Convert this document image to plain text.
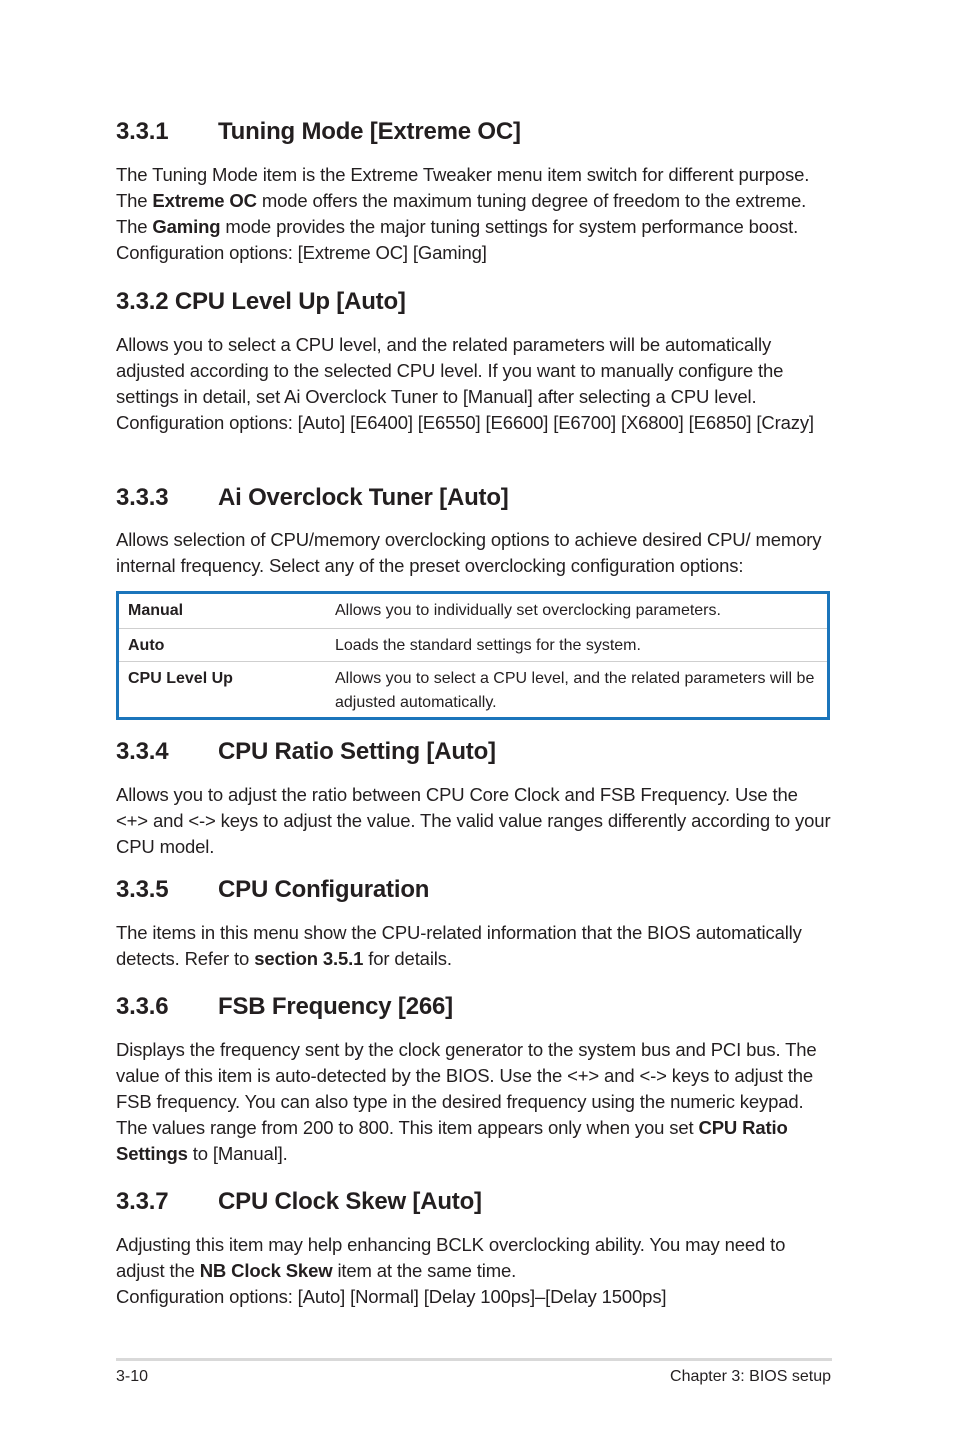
3.3.1 Tuning Mode [Extreme OC]

The Tuning Mode item is the Extreme Tweaker menu item switch for different purpose. The Extreme OC mode offers the maximum tuning degree of freedom to the extreme. The Gaming mode provides the major tuning settings for system performance boost. Configuration options: [Extreme OC] [Gaming]

3.3.2 CPU Level Up [Auto]

Allows you to select a CPU level, and the related parameters will be automatically adjusted according to the selected CPU level. If you want to manually configure the settings in detail, set Ai Overclock Tuner to [Manual] after selecting a CPU level. Configuration options: [Auto] [E6400] [E6550] [E6600] [E6700] [X6800] [E6850] [Crazy]

3.3.3 Ai Overclock Tuner [Auto]

Allows selection of CPU/memory overclocking options to achieve desired CPU/ memory internal frequency. Select any of the preset overclocking configuration options:

Manual	Allows you to individually set overclocking parameters.
Auto	Loads the standard settings for the system.
CPU Level Up	Allows you to select a CPU level, and the related parameters will be adjusted automatically.
3.3.4 CPU Ratio Setting [Auto]

Allows you to adjust the ratio between CPU Core Clock and FSB Frequency. Use the <+> and <-> keys to adjust the value. The valid value ranges differently according to your CPU model.

3.3.5 CPU Configuration

The items in this menu show the CPU-related information that the BIOS automatically detects. Refer to section 3.5.1 for details.

3.3.6 FSB Frequency [266]

Displays the frequency sent by the clock generator to the system bus and PCI bus. The value of this item is auto-detected by the BIOS. Use the <+> and <-> keys to adjust the FSB frequency. You can also type in the desired frequency using the numeric keypad. The values range from 200 to 800. This item appears only when you set CPU Ratio Settings to [Manual].

3.3.7 CPU Clock Skew [Auto]

Adjusting this item may help enhancing BCLK overclocking ability. You may need to adjust the NB Clock Skew item at the same time.
Configuration options: [Auto] [Normal] [Delay 100ps]–[Delay 1500ps]

3-10	Chapter 3: BIOS setup
